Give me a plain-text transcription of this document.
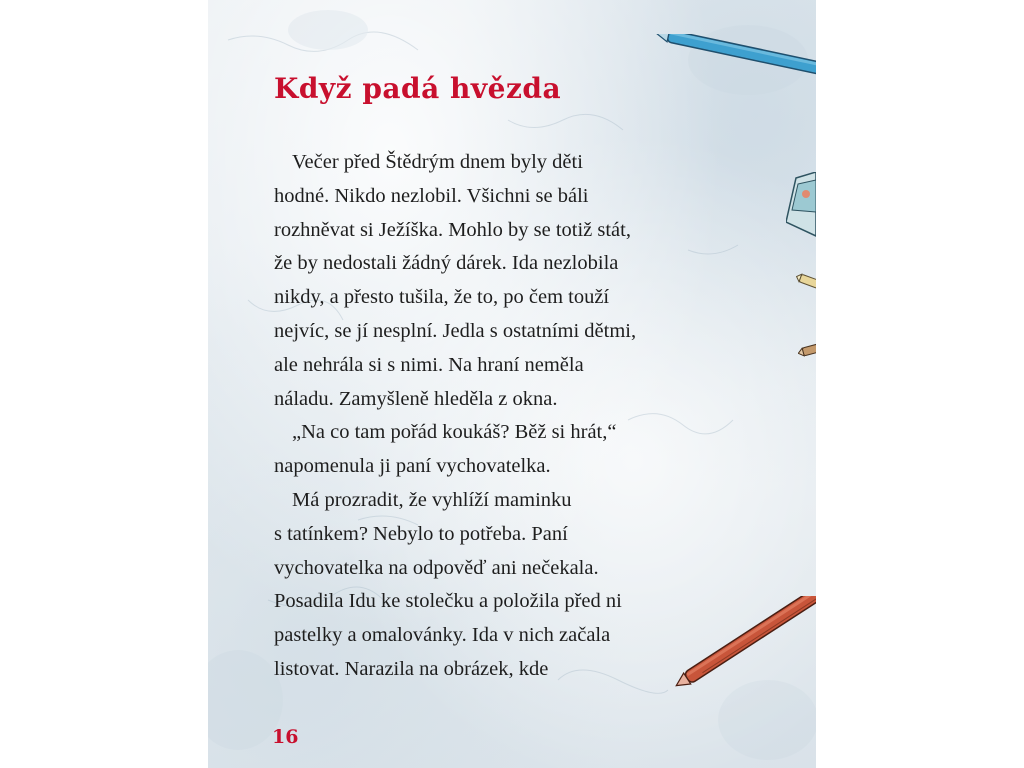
Když padá hvězda
Večer před Štědrým dnem byly děti
hodné. Nikdo nezlobil. Všichni se báli
rozhněvat si Ježíška. Mohlo by se totiž stát,
že by nedostali žádný dárek. Ida nezlobila
nikdy, a přesto tušila, že to, po čem touží
nejvíc, se jí nesplní. Jedla s ostatními dětmi,
ale nehrála si s nimi. Na hraní neměla
náladu. Zamyšleně hleděla z okna.
„Na co tam pořád koukáš? Běž si hrát,“
napomenula ji paní vychovatelka.
Má prozradit, že vyhlíží maminku
s tatínkem? Nebylo to potřeba. Paní
vychovatelka na odpověď ani nečekala.
Posadila Idu ke stolečku a položila před ni
pastelky a omalovánky. Ida v nich začala
listovat. Narazila na obrázek, kde
16
